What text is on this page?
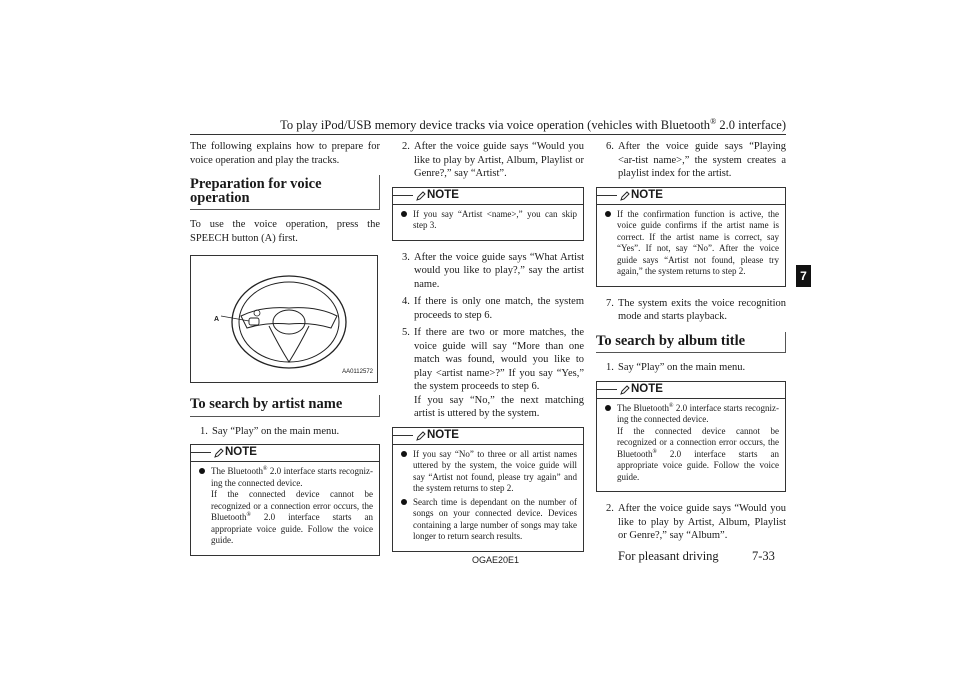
To play iPod/USB memory device tracks via voice operation (vehicles with Bluetooth® 2.0 interface)
7

The following explains how to prepare for voice operation and play the tracks.

Preparation for voice operation

To use the voice operation, press the SPEECH button (A) first.

A
AA0112572
To search by artist name
1. Say “Play” on the main menu.
NOTE
The Bluetooth® 2.0 interface starts recogniz-ing the connected device.
If the connected device cannot be recognized or a connection error occurs, the Bluetooth® 2.0 interface starts an appropriate voice guide. Follow the voice guide.
2. After the voice guide says “Would you like to play by Artist, Album, Playlist or Genre?,” say “Artist”.
NOTE
If you say “Artist <name>,” you can skip step 3.
3. After the voice guide says “What Artist would you like to play?,” say the artist name.
4. If there is only one match, the system proceeds to step 6.
5. If there are two or more matches, the voice guide will say “More than one match was found, would you like to play <artist name>?” If you say “Yes,” the system proceeds to step 6.
If you say “No,” the next matching artist is uttered by the system.
NOTE
If you say “No” to three or all artist names uttered by the system, the voice guide will say “Artist not found, please try again” and the system returns to step 2.
Search time is dependant on the number of songs on your connected device. Devices containing a large number of songs may take longer to return search results.
6. After the voice guide says “Playing <ar-tist name>,” the system creates a playlist index for the artist.
NOTE
If the confirmation function is active, the voice guide confirms if the artist name is correct. If the artist name is correct, say “Yes”. If not, say “No”. After the voice guide says “Artist not found, please try again,” the system returns to step 2.
7. The system exits the voice recognition mode and starts playback.
To search by album title
1. Say “Play” on the main menu.
NOTE
The Bluetooth® 2.0 interface starts recogniz-ing the connected device.
If the connected device cannot be recognized or a connection error occurs, the Bluetooth® 2.0 interface starts an appropriate voice guide. Follow the voice guide.
2. After the voice guide says “Would you like to play by Artist, Album, Playlist or Genre?,” say “Album”.
OGAE20E1	For pleasant driving	7-33
